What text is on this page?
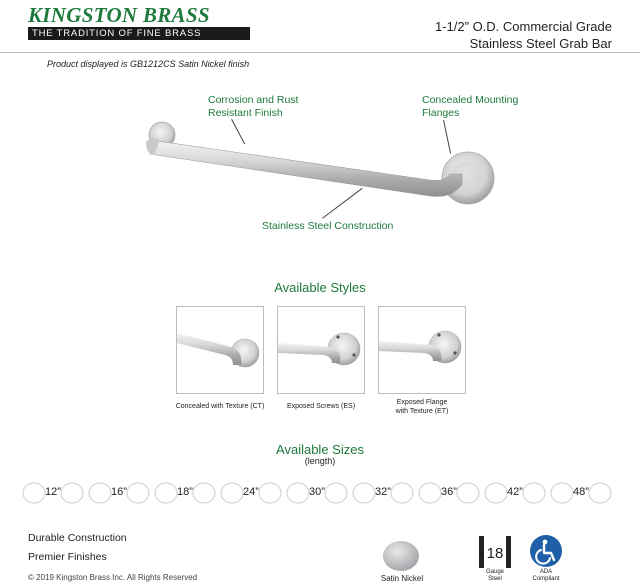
KINGSTON BRASS
THE TRADITION OF FINE BRASS	1-1/2” O.D. Commercial Grade
Stainless Steel Grab Bar
Product displayed is GB1212CS Satin Nickel finish
Corrosion and Rust
Resistant Finish
Concealed Mounting
Flanges
Stainless Steel Construction
Available Styles
Concealed with Texture (CT)	Exposed Screws (ES)
Exposed Flange
with Texture (ET)
Available Sizes
(length)
12”	16”	18”	24”	30”	32”	36”	42”	48”
Durable Construction
Premier Finishes
© 2019 Kingston Brass Inc. All Rights Reserved	Satin Nickel
18
Gauge
Steel
ADA
Compliant
